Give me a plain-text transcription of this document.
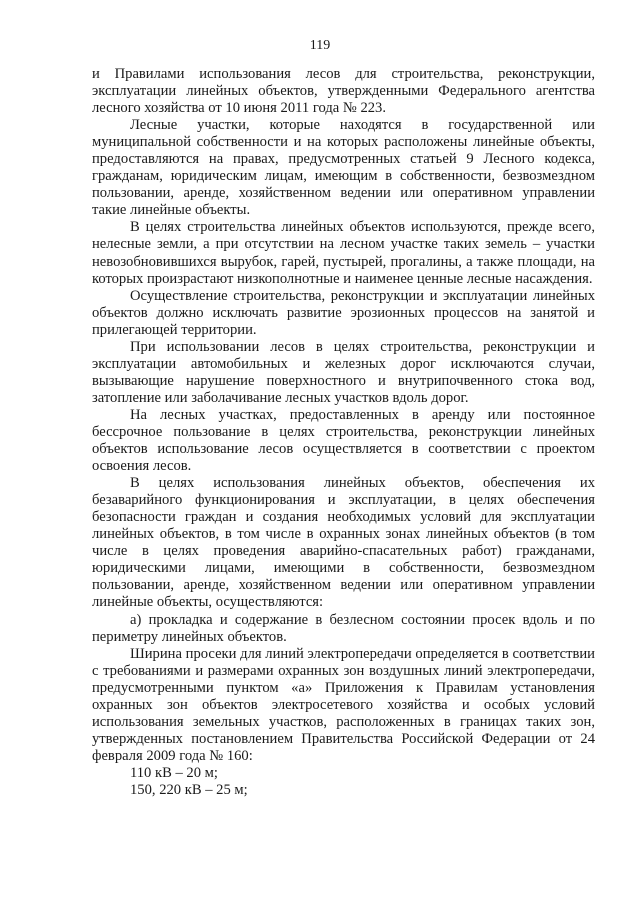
119

и Правилами использования лесов для строительства, реконструкции, эксплуатации линейных объектов, утвержденными Федерального агентства лесного хозяйства от 10 июня 2011 года № 223.

Лесные участки, которые находятся в государственной или муниципальной собственности и на которых расположены линейные объекты, предоставляются на правах, предусмотренных статьей 9 Лесного кодекса, гражданам, юридическим лицам, имеющим в собственности, безвозмездном пользовании, аренде, хозяйственном ведении или оперативном управлении такие линейные объекты.

В целях строительства линейных объектов используются, прежде всего, нелесные земли, а при отсутствии на лесном участке таких земель – участки невозобновившихся вырубок, гарей, пустырей, прогалины, а также площади, на которых произрастают низкополнотные и наименее ценные лесные насаждения.

Осуществление строительства, реконструкции и эксплуатации линейных объектов должно исключать развитие эрозионных процессов на занятой и прилегающей территории.

При использовании лесов в целях строительства, реконструкции и эксплуатации автомобильных и железных дорог исключаются случаи, вызывающие нарушение поверхностного и внутрипочвенного стока вод, затопление или заболачивание лесных участков вдоль дорог.

На лесных участках, предоставленных в аренду или постоянное бессрочное пользование в целях строительства, реконструкции линейных объектов использование лесов осуществляется в соответствии с проектом освоения лесов.

В целях использования линейных объектов, обеспечения их безаварийного функционирования и эксплуатации, в целях обеспечения безопасности граждан и создания необходимых условий для эксплуатации линейных объектов, в том числе в охранных зонах линейных объектов (в том числе в целях проведения аварийно-спасательных работ) гражданами, юридическими лицами, имеющими в собственности, безвозмездном пользовании, аренде, хозяйственном ведении или оперативном управлении линейные объекты, осуществляются:

а) прокладка и содержание в безлесном состоянии просек вдоль и по периметру линейных объектов.

Ширина просеки для линий электропередачи определяется в соответствии с требованиями и размерами охранных зон воздушных линий электропередачи, предусмотренными пунктом «а» Приложения к Правилам установления охранных зон объектов электросетевого хозяйства и особых условий использования земельных участков, расположенных в границах таких зон, утвержденных постановлением Правительства Российской Федерации от 24 февраля 2009 года № 160:

110 кВ – 20 м;

150, 220 кВ – 25 м;
